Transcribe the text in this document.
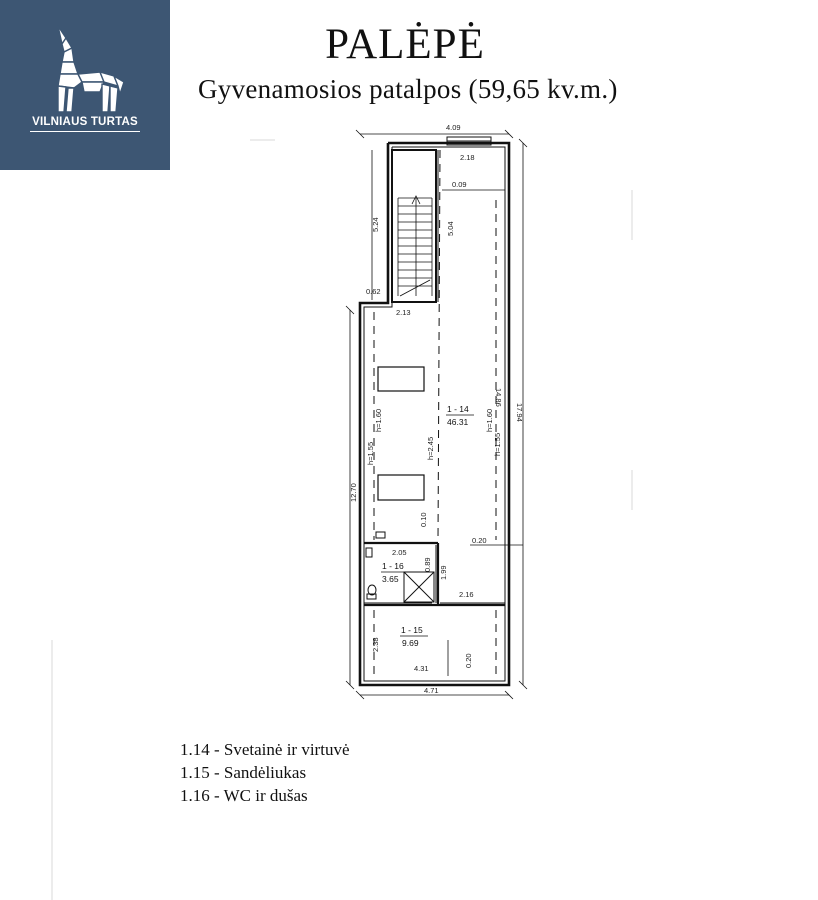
VILNIAUS TURTAS
PALĖPĖ
Gyvenamosios patalpos (59,65 kv.m.)
4.09
2.18
0.09
5.24	5.04
0.62
2.13
14.86
17.94
12.70
0.10
2.05
1.99
0.89
0.20
2.16
2.38
4.31
0.20
4.71
h=1.60
h=1.55	h=2.45
h=1.60
h=1.55
1 - 14
46.31
1 - 15
9.69
1 - 16
3.65
1.14 - Svetainė ir virtuvė
1.15 - Sandėliukas
1.16 - WC ir dušas
